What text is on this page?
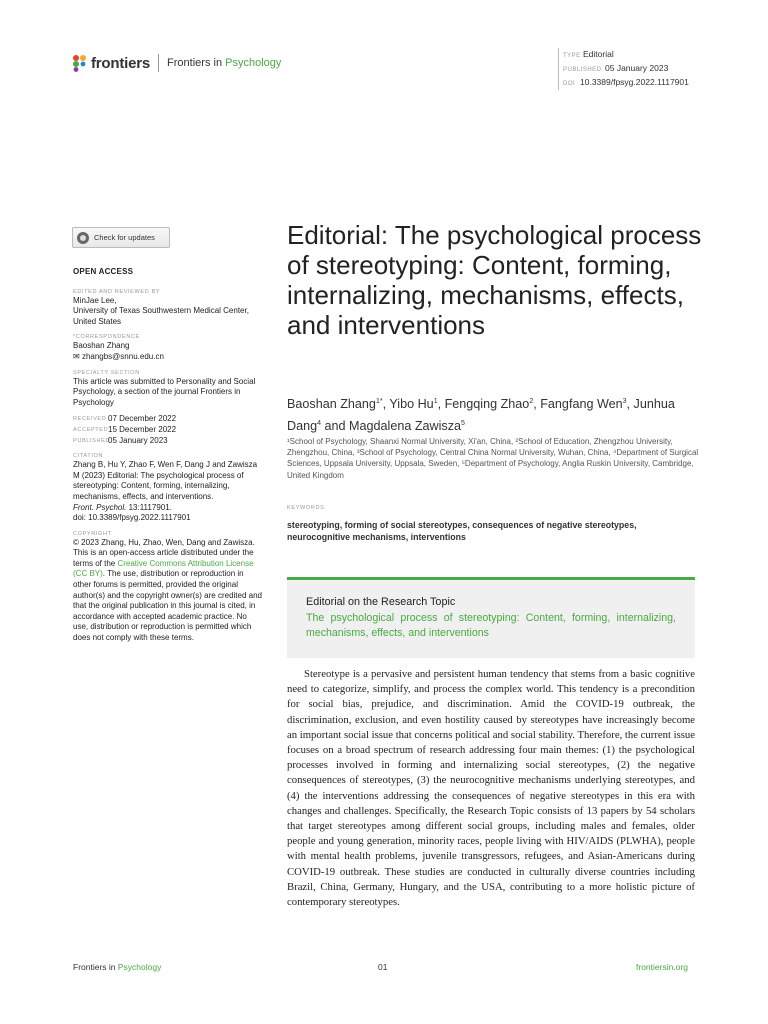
frontiers Frontiers in Psychology
TYPE Editorial
PUBLISHED 05 January 2023
DOI 10.3389/fpsyg.2022.1117901
Check for updates
OPEN ACCESS
EDITED AND REVIEWED BY
MinJae Lee,
University of Texas Southwestern Medical Center, United States
*CORRESPONDENCE
Baoshan Zhang
✉ zhangbs@snnu.edu.cn
SPECIALTY SECTION
This article was submitted to Personality and Social Psychology, a section of the journal Frontiers in Psychology
RECEIVED 07 December 2022
ACCEPTED 15 December 2022
PUBLISHED
05 January 2023
CITATION
Zhang B, Hu Y, Zhao F, Wen F, Dang J and Zawisza M (2023) Editorial: The psychological process of stereotyping: Content, forming, internalizing, mechanisms, effects, and interventions.
Front. Psychol. 13:1117901.
doi: 10.3389/fpsyg.2022.1117901
COPYRIGHT
© 2023 Zhang, Hu, Zhao, Wen, Dang and Zawisza. This is an open-access article distributed under the terms of the Creative Commons Attribution License (CC BY). The use, distribution or reproduction in other forums is permitted, provided the original author(s) and the copyright owner(s) are credited and that the original publication in this journal is cited, in accordance with accepted academic practice. No use, distribution or reproduction is permitted which does not comply with these terms.
Editorial: The psychological process of stereotyping: Content, forming, internalizing, mechanisms, effects, and interventions
Baoshan Zhang$^{1*}$, Yibo Hu$^1$, Fengqing Zhao$^2$, Fangfang Wen$^3$, Junhua Dang$^4$ and Magdalena Zawisza$^5$
¹School of Psychology, Shaanxi Normal University, Xi'an, China, ²School of Education, Zhengzhou University, Zhengzhou, China, ³School of Psychology, Central China Normal University, Wuhan, China, ⁴Department of Surgical Sciences, Uppsala University, Uppsala, Sweden, ⁵Department of Psychology, Anglia Ruskin University, Cambridge, United Kingdom
KEYWORDS
stereotyping, forming of social stereotypes, consequences of negative stereotypes, neurocognitive mechanisms, interventions
Editorial on the Research Topic
The psychological process of stereotyping: Content, forming, internalizing, mechanisms, effects, and interventions
Stereotype is a pervasive and persistent human tendency that stems from a basic cognitive need to categorize, simplify, and process the complex world. This tendency is a precondition for social bias, prejudice, and discrimination. Amid the COVID-19 outbreak, the discrimination, exclusion, and even hostility caused by stereotypes have increasingly become an important social issue that concerns political and social stability. Therefore, the current issue focuses on a broad spectrum of research addressing four main themes: (1) the psychological processes involved in forming and internalizing social stereotypes, (2) the negative consequences of stereotypes, (3) the neurocognitive mechanisms underlying stereotypes, and (4) the interventions addressing the consequences of negative stereotypes in this era with changes and challenges. Specifically, the Research Topic consists of 13 papers by 54 scholars that target stereotypes among different social groups, including males and females, older people and young generation, minority races, people living with HIV/AIDS (PLWHA), people with mental health problems, juvenile transgressors, refugees, and Asian-Americans during COVID-19 outbreak. These studies are conducted in culturally diverse countries including Brazil, China, Germany, Hungary, and the USA, contributing to a more holistic picture of contemporary stereotypes.
Frontiers in Psychology	01	frontiersin.org
